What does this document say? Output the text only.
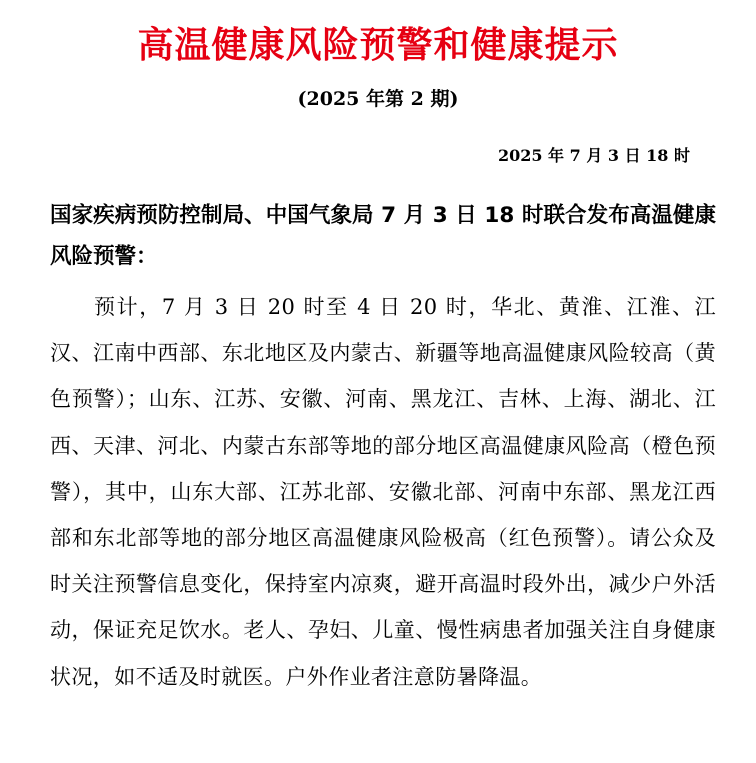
高温健康风险预警和健康提示
(2025 年第 2 期)
2025 年 7 月 3 日 18 时

国家疾病预防控制局、中国气象局 7 月 3 日 18 时联合发布高温健康风险预警：

预计，7 月 3 日 20 时至 4 日 20 时，华北、黄淮、江淮、江汉、江南中西部、东北地区及内蒙古、新疆等地高温健康风险较高（黄色预警）；山东、江苏、安徽、河南、黑龙江、吉林、上海、湖北、江西、天津、河北、内蒙古东部等地的部分地区高温健康风险高（橙色预警），其中，山东大部、江苏北部、安徽北部、河南中东部、黑龙江西部和东北部等地的部分地区高温健康风险极高（红色预警）。请公众及时关注预警信息变化，保持室内凉爽，避开高温时段外出，减少户外活动，保证充足饮水。老人、孕妇、儿童、慢性病患者加强关注自身健康状况，如不适及时就医。户外作业者注意防暑降温。
